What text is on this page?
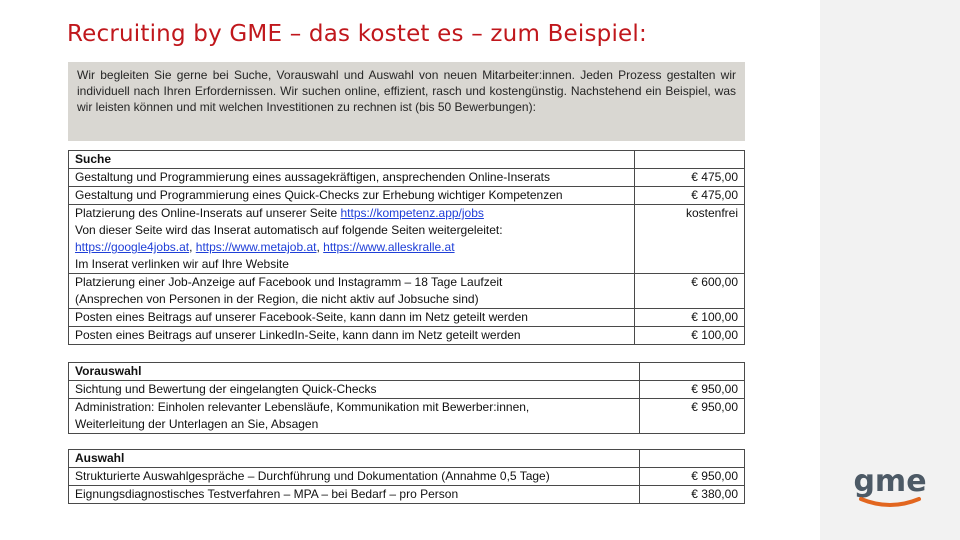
Recruiting by GME – das kostet es – zum Beispiel:
Wir begleiten Sie gerne bei Suche, Vorauswahl und Auswahl von neuen Mitarbeiter:innen. Jeden Prozess gestalten wir individuell nach Ihren Erfordernissen. Wir suchen online, effizient, rasch und kostengünstig. Nachstehend ein Beispiel, was wir leisten können und mit welchen Investitionen zu rechnen ist (bis 50 Bewerbungen):
Suche	
Gestaltung und Programmierung eines aussagekräftigen, ansprechenden Online-Inserats	€ 475,00
Gestaltung und Programmierung eines Quick-Checks zur Erhebung wichtiger Kompetenzen	€ 475,00
Platzierung des Online-Inserats auf unserer Seite https://kompetenz.app/jobs
Von dieser Seite wird das Inserat automatisch auf folgende Seiten weitergeleitet:
https://google4jobs.at, https://www.metajob.at, https://www.alleskralle.at
Im Inserat verlinken wir auf Ihre Website	kostenfrei
Platzierung einer Job-Anzeige auf Facebook und Instagramm – 18 Tage Laufzeit
(Ansprechen von Personen in der Region, die nicht aktiv auf Jobsuche sind)	€ 600,00
Posten eines Beitrags auf unserer Facebook-Seite, kann dann im Netz geteilt werden	€ 100,00
Posten eines Beitrags auf unserer LinkedIn-Seite, kann dann im Netz geteilt werden	€ 100,00
Vorauswahl	
Sichtung und Bewertung der eingelangten Quick-Checks	€ 950,00
Administration: Einholen relevanter Lebensläufe, Kommunikation mit Bewerber:innen,
Weiterleitung der Unterlagen an Sie, Absagen	€ 950,00
Auswahl	
Strukturierte Auswahlgespräche – Durchführung und Dokumentation (Annahme 0,5 Tage)	€ 950,00
Eignungsdiagnostisches Testverfahren – MPA – bei Bedarf – pro Person	€ 380,00	gme
